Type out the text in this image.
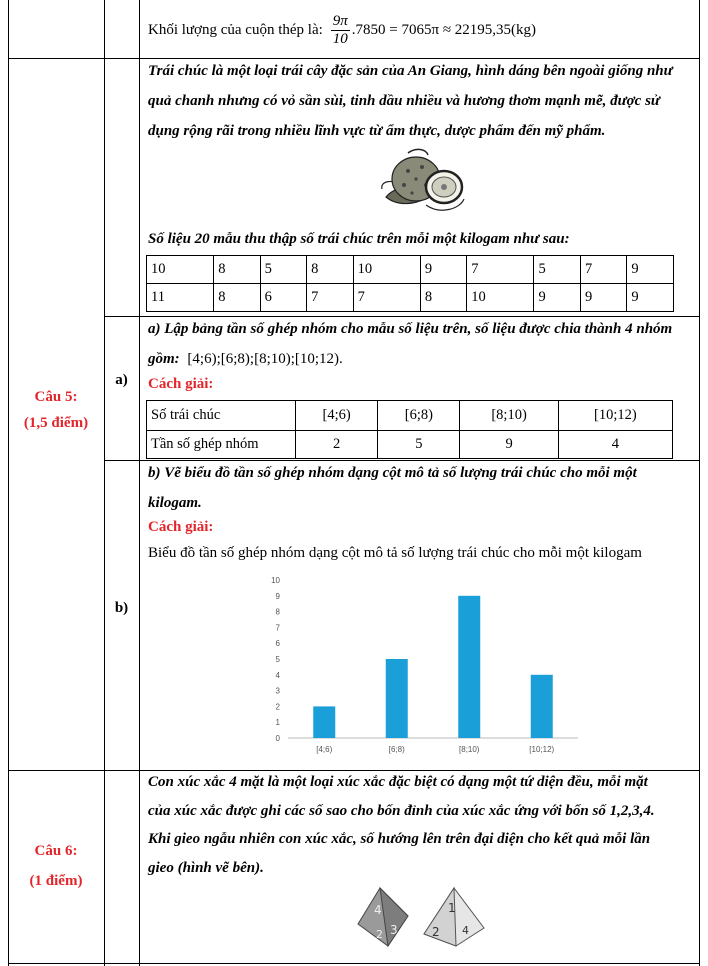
Khối lượng của cuộn thép là: $\frac{9\pi}{10} .7850 = 7065\pi \approx 22195,35(kg)$
Câu 5:
(1,5 điểm)
Trái chúc là một loại trái cây đặc sản của An Giang, hình dáng bên ngoài giống như
quả chanh nhưng có vỏ sần sùi, tinh dầu nhiều và hương thơm mạnh mẽ, được sử
dụng rộng rãi trong nhiều lĩnh vực từ ẩm thực, dược phẩm đến mỹ phẩm.
Số liệu 20 mẫu thu thập số trái chúc trên mỗi một kilogam như sau:
10	8	5	8	10	9	7	5	7	9
11	8	6	7	7	8	10	9	9	9
a)
a) Lập bảng tần số ghép nhóm cho mẫu số liệu trên, số liệu được chia thành 4 nhóm
gồm: [4;6);[6;8);[8;10);[10;12).
Cách giải:
Số trái chúc	[4;6)	[6;8)	[8;10)	[10;12)
Tần số ghép nhóm	2	5	9	4
b)
b) Vẽ biểu đồ tần số ghép nhóm dạng cột mô tả số lượng trái chúc cho mỗi một
kilogam.
Cách giải:
Biểu đồ tần số ghép nhóm dạng cột mô tả số lượng trái chúc cho mỗi một kilogam
0
1
2
3
4
5
6
7
8
9
10
[4;6)	[6;8)	[8;10)	[10;12)
Câu 6:
(1 điểm)
Con xúc xắc 4 mặt là một loại xúc xắc đặc biệt có dạng một tứ diện đều, mỗi mặt
của xúc xắc được ghi các số sao cho bốn đỉnh của xúc xắc ứng với bốn số 1,2,3,4.
Khi gieo ngẫu nhiên con xúc xắc, số hướng lên trên đại diện cho kết quả mỗi lần
gieo (hình vẽ bên).
4
3
2
1
2 4
